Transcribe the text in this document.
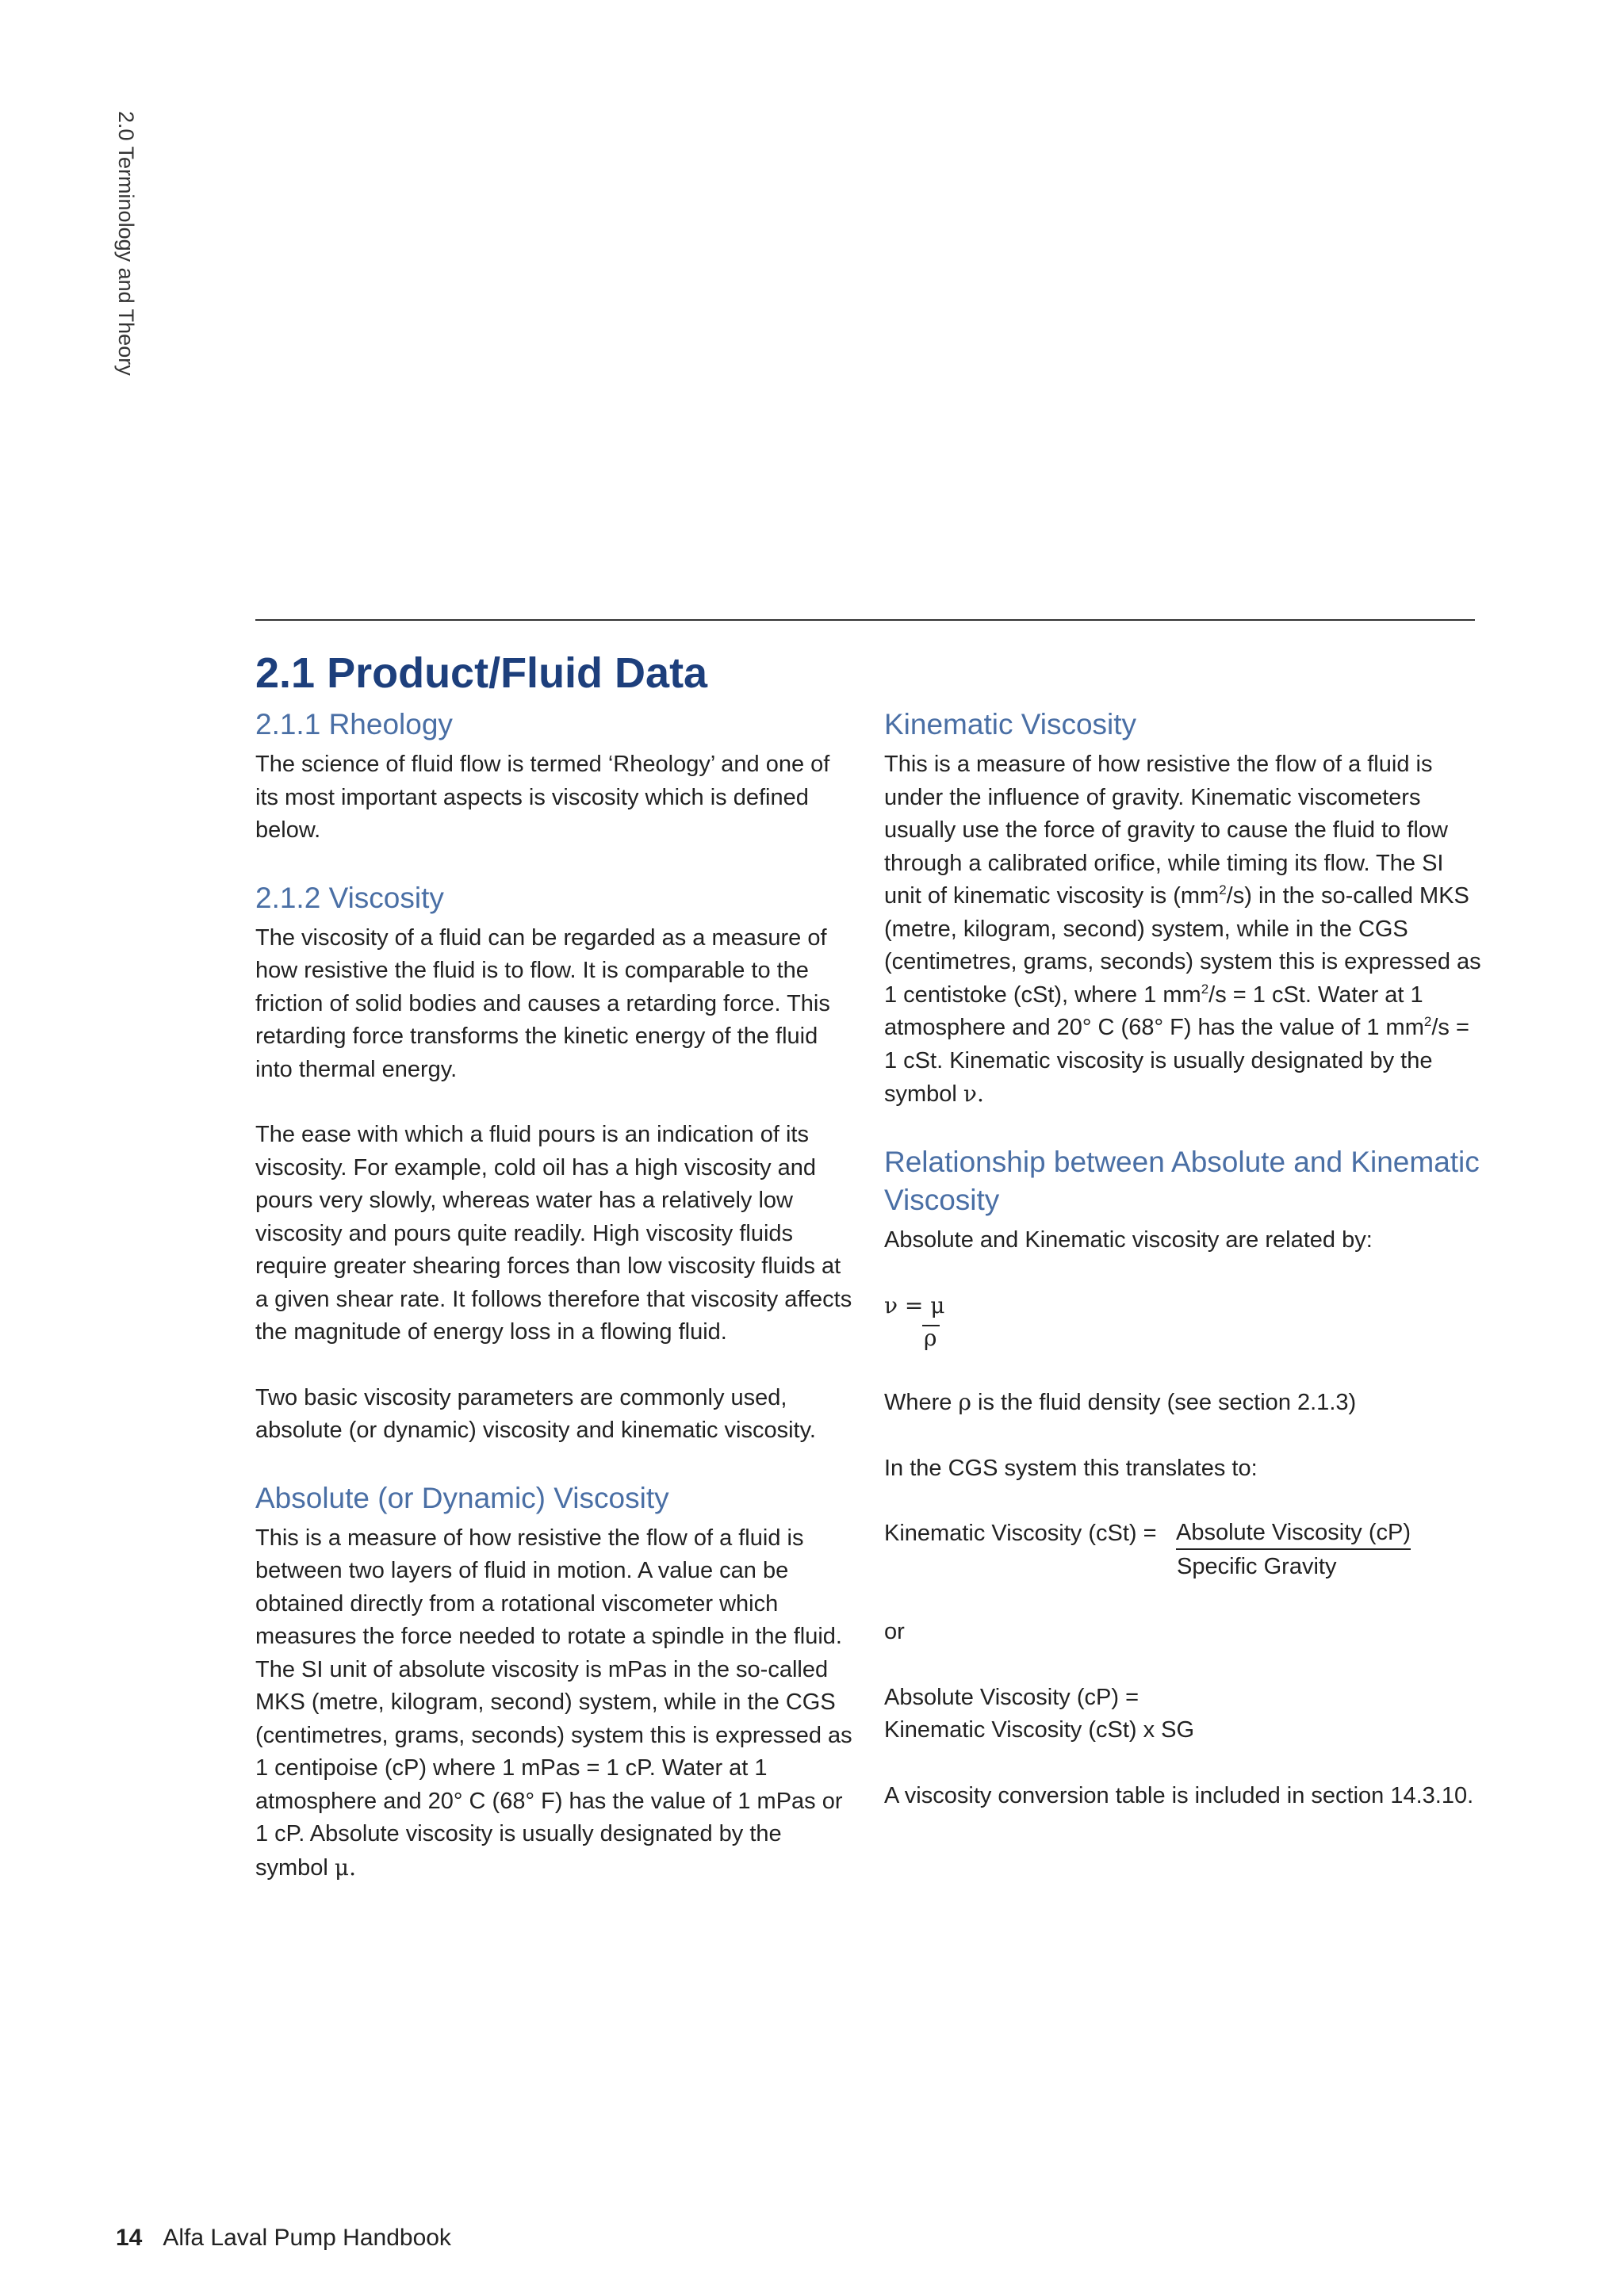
2.0 Terminology and Theory
2.1 Product/Fluid Data
2.1.1 Rheology

The science of fluid flow is termed ‘Rheology’ and one of its most important aspects is viscosity which is defined below.

2.1.2 Viscosity

The viscosity of a fluid can be regarded as a measure of how resistive the fluid is to flow. It is comparable to the friction of solid bodies and causes a retarding force. This retarding force transforms the kinetic energy of the fluid into thermal energy.

The ease with which a fluid pours is an indication of its viscosity. For example, cold oil has a high viscosity and pours very slowly, whereas water has a relatively low viscosity and pours quite readily. High viscosity fluids require greater shearing forces than low viscosity fluids at a given shear rate. It follows therefore that viscosity affects the magnitude of energy loss in a flowing fluid.

Two basic viscosity parameters are commonly used, absolute (or dynamic) viscosity and kinematic viscosity.

Absolute (or Dynamic) Viscosity

This is a measure of how resistive the flow of a fluid is between two layers of fluid in motion. A value can be obtained directly from a rotational viscometer which measures the force needed to rotate a spindle in the fluid. The SI unit of absolute viscosity is mPas in the so-called MKS (metre, kilogram, second) system, while in the CGS (centimetres, grams, seconds) system this is expressed as 1 centipoise (cP) where 1 mPas = 1 cP. Water at 1 atmosphere and 20° C (68° F) has the value of 1 mPas or 1 cP. Absolute viscosity is usually designated by the symbol μ.

Kinematic Viscosity

This is a measure of how resistive the flow of a fluid is under the influence of gravity. Kinematic viscometers usually use the force of gravity to cause the fluid to flow through a calibrated orifice, while timing its flow. The SI unit of kinematic viscosity is $(mm^2/s)$ in the so-called MKS (metre, kilogram, second) system, while in the CGS (centimetres, grams, seconds) system this is expressed as 1 centistoke (cSt), where 1 $mm^2/s = 1$ cSt. Water at 1 atmosphere and 20° C (68° F) has the value of 1 $mm^2/s = 1$ cSt. Kinematic viscosity is usually designated by the symbol ν.

Relationship between Absolute and Kinematic Viscosity

Absolute and Kinematic viscosity are related by:

ν = μ
ρ

Where ρ is the fluid density (see section 2.1.3)

In the CGS system this translates to:

Kinematic Viscosity (cSt) = Absolute Viscosity (cP)
Specific Gravity

or

Absolute Viscosity (cP) =

Kinematic Viscosity (cSt) x SG

A viscosity conversion table is included in section 14.3.10.

14 Alfa Laval Pump Handbook
